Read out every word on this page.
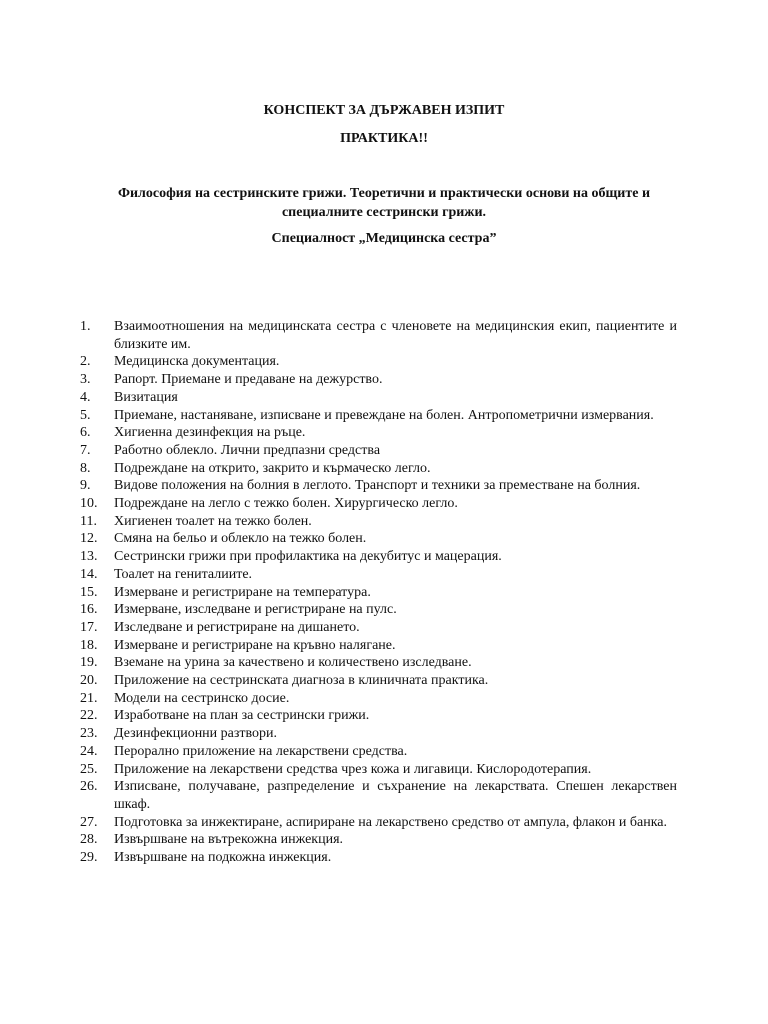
КОНСПЕКТ ЗА ДЪРЖАВЕН ИЗПИТ
ПРАКТИКА!!
Философия на сестринските грижи. Теоретични и практически основи на общите и специалните сестрински грижи.
Специалност „Медицинска сестра”
1.	Взаимоотношения на медицинската сестра с членовете на медицинския екип, пациентите и близките им.
2.	Медицинска документация.
3.	Рапорт. Приемане и предаване на дежурство.
4.	Визитация
5.	Приемане, настаняване, изписване и превеждане на болен. Антропометрични измервания.
6.	Хигиенна дезинфекция на ръце.
7.	Работно облекло. Лични предпазни средства
8.	Подреждане на открито, закрито и кърмаческо легло.
9.	Видове положения на болния в леглото. Транспорт и техники за преместване на болния.
10.	Подреждане на легло с тежко болен. Хирургическо легло.
11.	Хигиенен тоалет на тежко болен.
12.	Смяна на бельо и облекло на тежко болен.
13.	Сестрински грижи при профилактика на декубитус и мацерация.
14.	Тоалет на гениталиите.
15.	Измерване и регистриране на температура.
16.	Измерване, изследване и регистриране на пулс.
17.	Изследване и регистриране на дишането.
18.	Измерване и регистриране на кръвно налягане.
19.	Вземане на урина за качествено и количествено изследване.
20.	Приложение на сестринската диагноза в клиничната практика.
21.	Модели на сестринско досие.
22.	Изработване на план за сестрински грижи.
23.	Дезинфекционни разтвори.
24.	Перорално приложение на лекарствени средства.
25.	Приложение на лекарствени средства чрез кожа и лигавици. Кислородотерапия.
26.	Изписване, получаване, разпределение и съхранение на лекарствата. Спешен лекарствен шкаф.
27.	Подготовка за инжектиране, аспириране на лекарствено средство от ампула, флакон и банка.
28.	Извършване на вътрекожна инжекция.
29.	Извършване на подкожна инжекция.
